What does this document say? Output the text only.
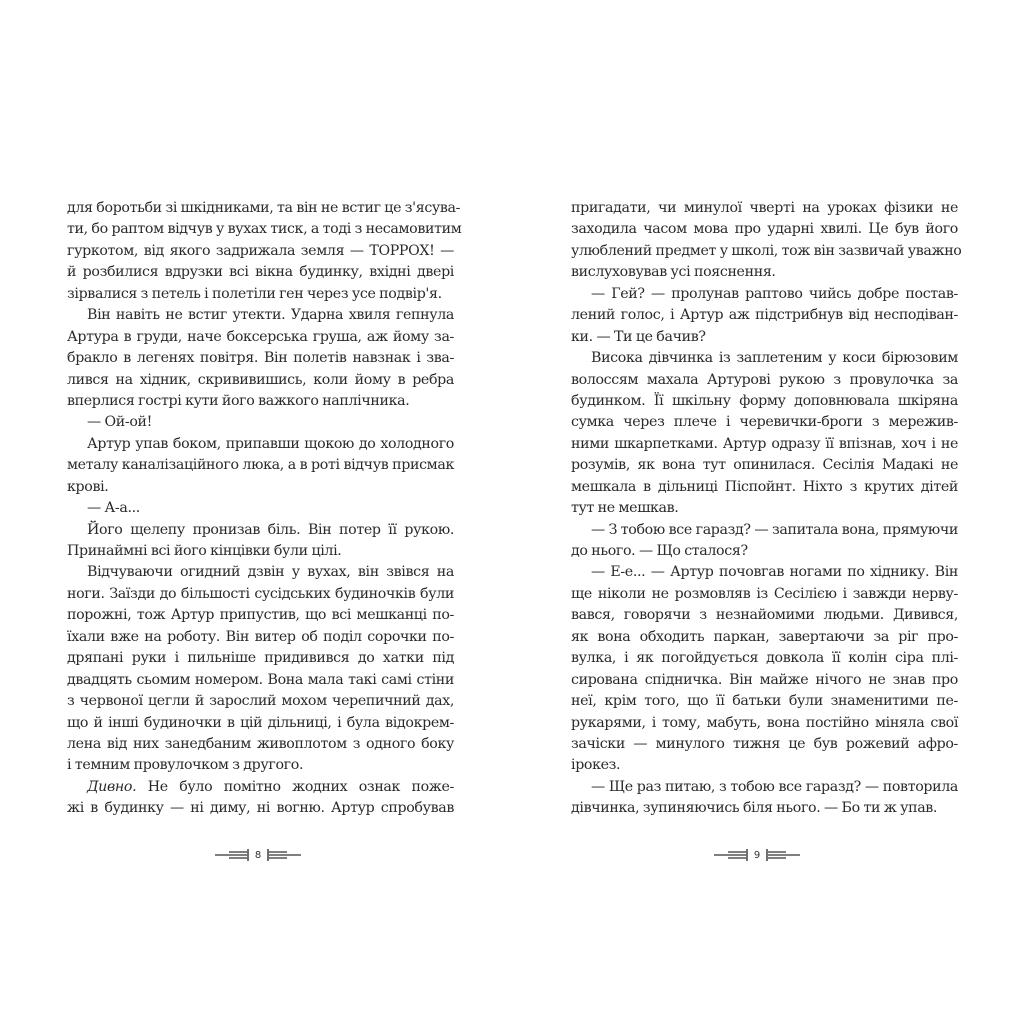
для боротьби зі шкідниками, та він не встиг це з'ясува-
ти, бо раптом відчув у вухах тиск, а тоді з несамовитим
гуркотом, від якого задрижала земля — ТОРРОХ! —
й розбилися вдрузки всі вікна будинку, вхідні двері
зірвалися з петель і полетіли ген через усе подвір'я.
Він навіть не встиг утекти. Ударна хвиля гепнула
Артура в груди, наче боксерська груша, аж йому за-
бракло в легенях повітря. Він полетів навзнак і зва-
лився на хідник, скрививишись, коли йому в ребра
вперлися гострі кути його важкого наплічника.
— Ой-ой!
Артур упав боком, припавши щокою до холодного
металу каналізаційного люка, а в роті відчув присмак
крові.
— А-а...
Його щелепу пронизав біль. Він потер її рукою.
Принаймні всі його кінцівки були цілі.
Відчуваючи огидний дзвін у вухах, він звівся на
ноги. Заїзди до більшості сусідських будиночків були
порожні, тож Артур припустив, що всі мешканці по-
їхали вже на роботу. Він витер об поділ сорочки по-
дряпані руки і пильніше придивився до хатки під
двадцять сьомим номером. Вона мала такі самі стіни
з червоної цегли й зарослий мохом черепичний дах,
що й інші будиночки в цій дільниці, і була відокрем-
лена від них занедбаним живоплотом з одного боку
і темним провулочком з другого.
Дивно. Не було помітно жодних ознак поже-
жі в будинку — ні диму, ні вогню. Артур спробував
8
пригадати, чи минулої чверті на уроках фізики не
заходила часом мова про ударні хвилі. Це був його
улюблений предмет у школі, тож він зазвичай уважно
вислуховував усі пояснення.
— Гей? — пролунав раптово чийсь добре постав-
лений голос, і Артур аж підстрибнув від несподіван-
ки. — Ти це бачив?
Висока дівчинка із заплетеним у коси бірюзовим
волоссям махала Артурові рукою з провулочка за
будинком. Її шкільну форму доповнювала шкіряна
сумка через плече і черевички-броги з мережив-
ними шкарпетками. Артур одразу її впізнав, хоч і не
розумів, як вона тут опинилася. Сесілія Мадакі не
мешкала в дільниці Піспойнт. Ніхто з крутих дітей
тут не мешкав.
— З тобою все гаразд? — запитала вона, прямуючи
до нього. — Що сталося?
— Е-е... — Артур почовгав ногами по хіднику. Він
ще ніколи не розмовляв із Сесілією і завжди нерву-
вався, говорячи з незнайомими людьми. Дивився,
як вона обходить паркан, завертаючи за ріг про-
вулка, і як погойдується довкола її колін сіра плі-
сирована спідничка. Він майже нічого не знав про
неї, крім того, що її батьки були знаменитими пе-
рукарями, і тому, мабуть, вона постійно міняла свої
зачіски — минулого тижня це був рожевий афро-
ірокез.
— Ще раз питаю, з тобою все гаразд? — повторила
дівчинка, зупиняючись біля нього. — Бо ти ж упав.
9
